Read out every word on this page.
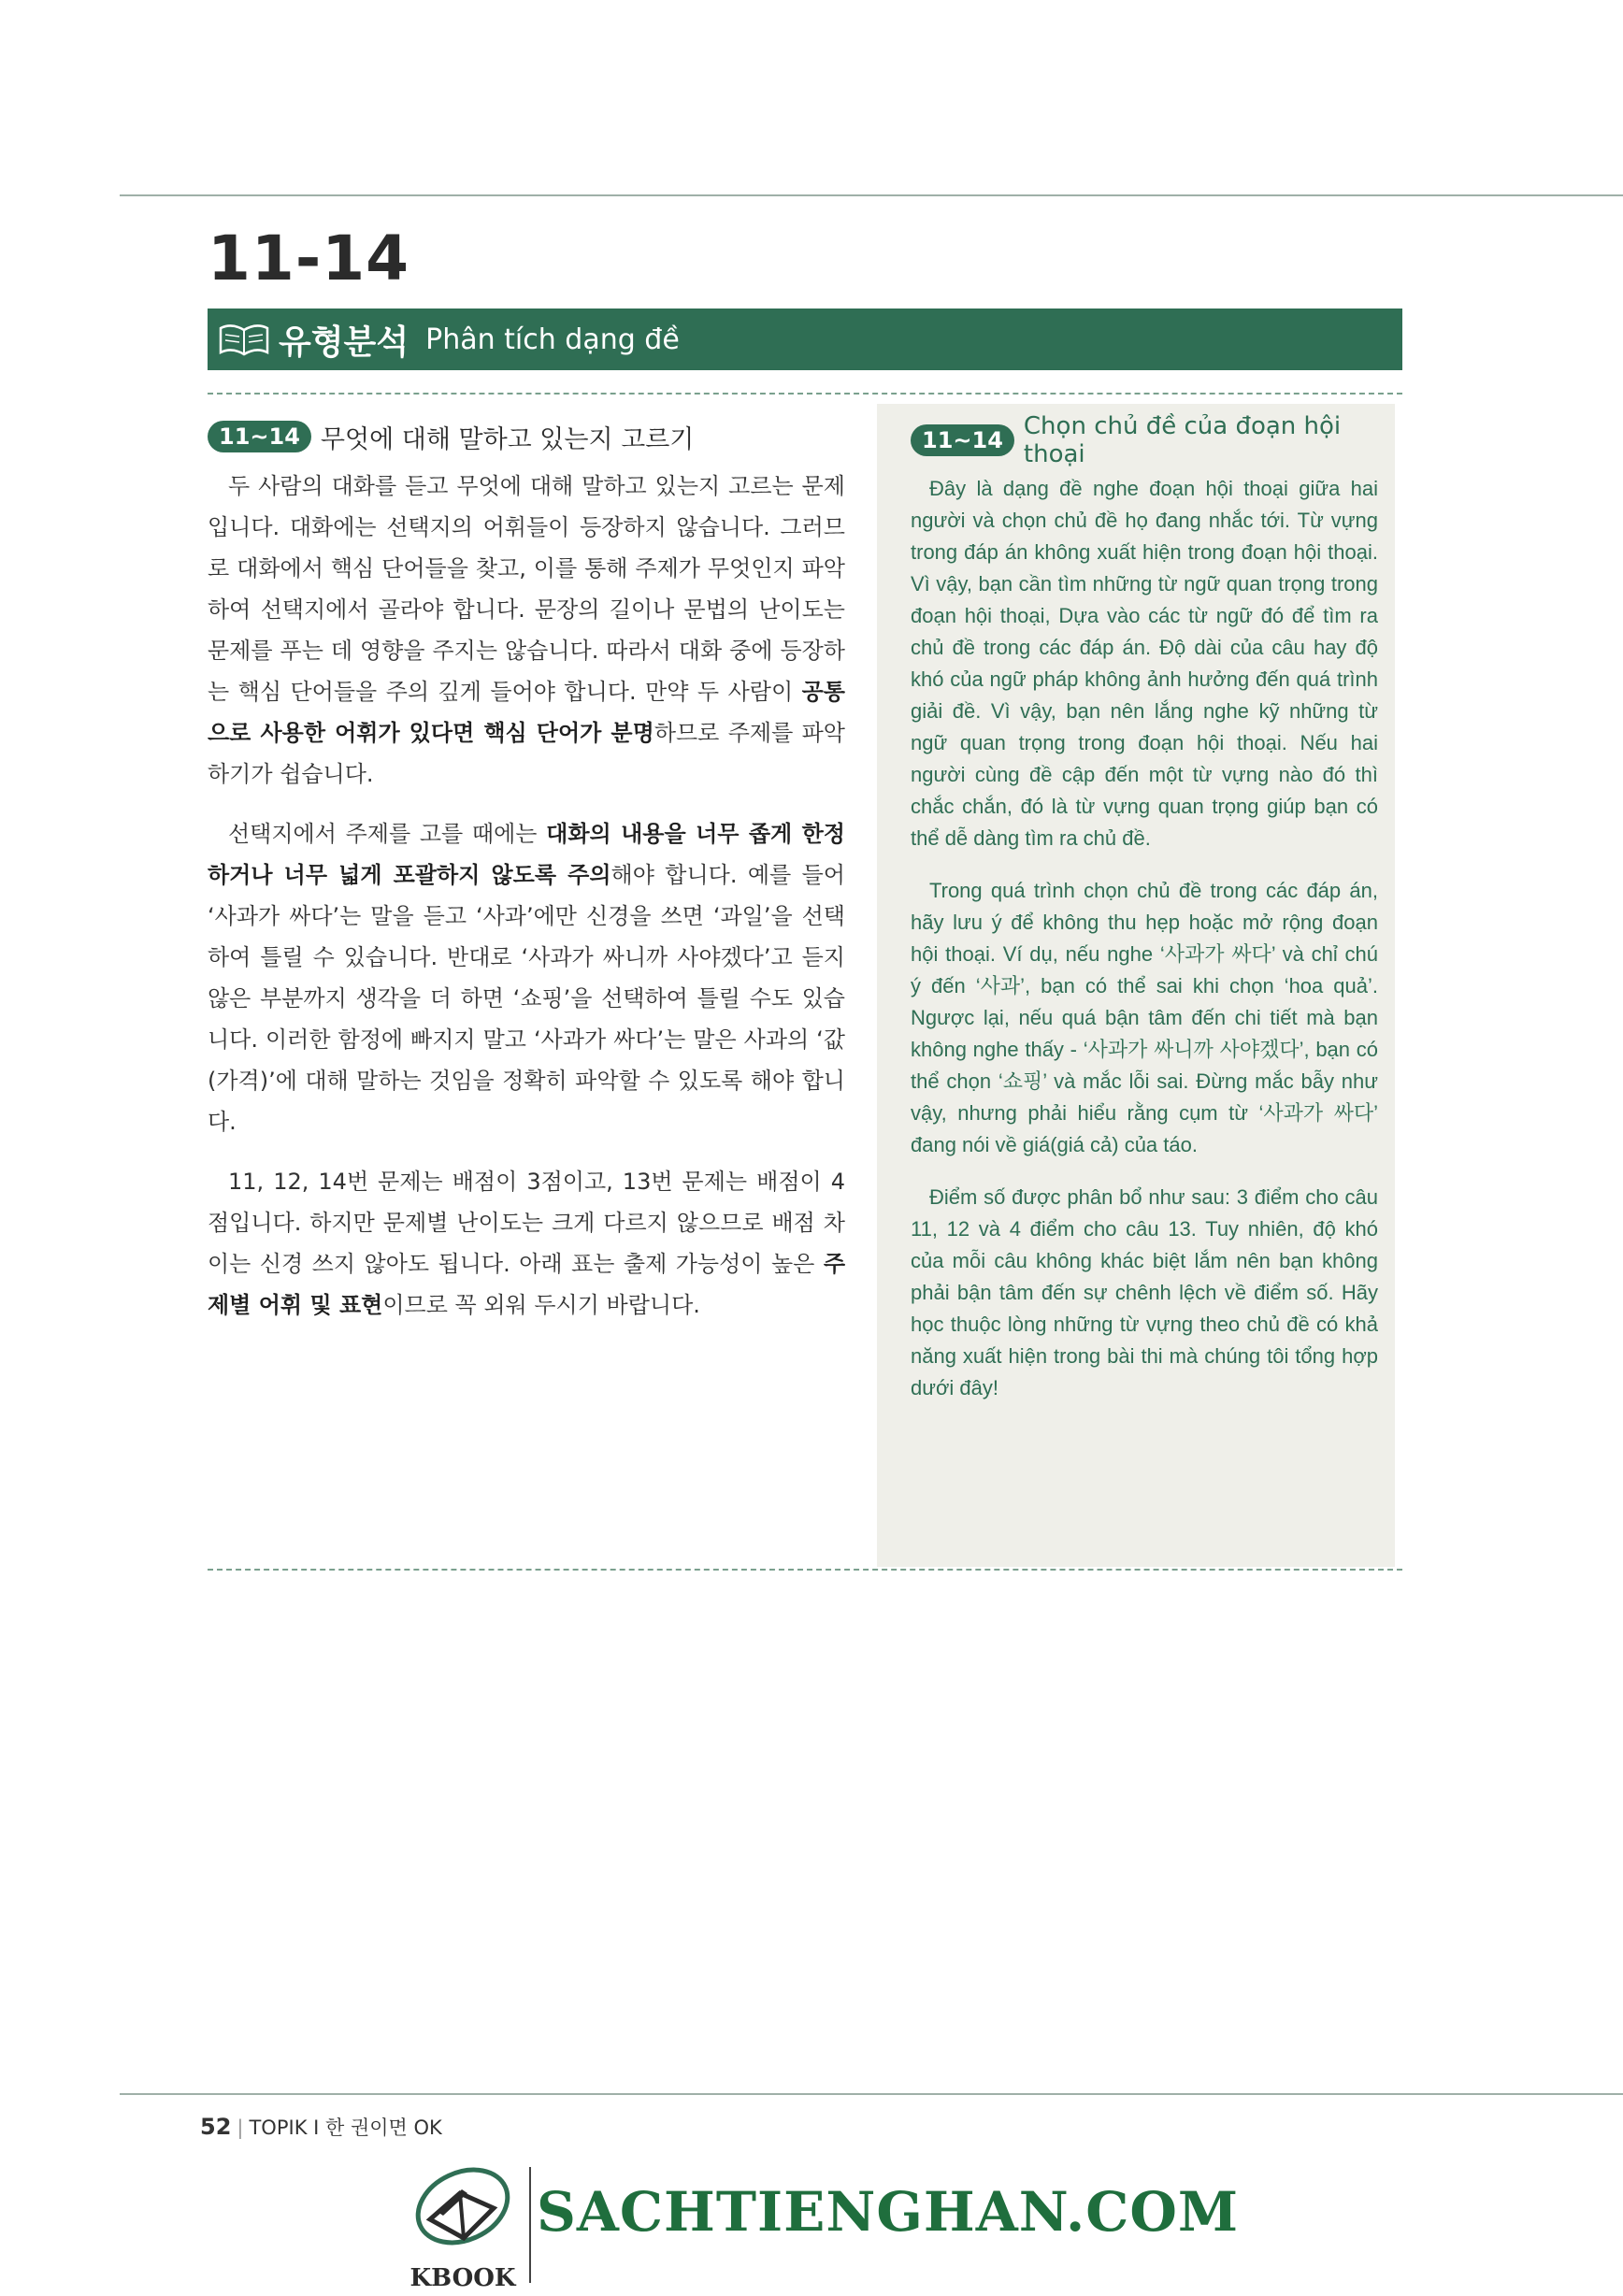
11-14
유형분석 Phân tích dạng đề
11~14 무엇에 대해 말하고 있는지 고르기

두 사람의 대화를 듣고 무엇에 대해 말하고 있는지 고르는 문제입니다. 대화에는 선택지의 어휘들이 등장하지 않습니다. 그러므로 대화에서 핵심 단어들을 찾고, 이를 통해 주제가 무엇인지 파악하여 선택지에서 골라야 합니다. 문장의 길이나 문법의 난이도는 문제를 푸는 데 영향을 주지는 않습니다. 따라서 대화 중에 등장하는 핵심 단어들을 주의 깊게 들어야 합니다. 만약 두 사람이 공통으로 사용한 어휘가 있다면 핵심 단어가 분명하므로 주제를 파악하기가 쉽습니다.

선택지에서 주제를 고를 때에는 대화의 내용을 너무 좁게 한정하거나 너무 넓게 포괄하지 않도록 주의해야 합니다. 예를 들어 ‘사과가 싸다’는 말을 듣고 ‘사과’에만 신경을 쓰면 ‘과일’을 선택하여 틀릴 수 있습니다. 반대로 ‘사과가 싸니까 사야겠다’고 듣지 않은 부분까지 생각을 더 하면 ‘쇼핑’을 선택하여 틀릴 수도 있습니다. 이러한 함정에 빠지지 말고 ‘사과가 싸다’는 말은 사과의 ‘값(가격)’에 대해 말하는 것임을 정확히 파악할 수 있도록 해야 합니다.

11, 12, 14번 문제는 배점이 3점이고, 13번 문제는 배점이 4점입니다. 하지만 문제별 난이도는 크게 다르지 않으므로 배점 차이는 신경 쓰지 않아도 됩니다. 아래 표는 출제 가능성이 높은 주제별 어휘 및 표현이므로 꼭 외워 두시기 바랍니다.

11~14 Chọn chủ đề của đoạn hội thoại

Đây là dạng đề nghe đoạn hội thoại giữa hai người và chọn chủ đề họ đang nhắc tới. Từ vựng trong đáp án không xuất hiện trong đoạn hội thoại. Vì vậy, bạn cần tìm những từ ngữ quan trọng trong đoạn hội thoại, Dựa vào các từ ngữ đó để tìm ra chủ đề trong các đáp án. Độ dài của câu hay độ khó của ngữ pháp không ảnh hưởng đến quá trình giải đề. Vì vậy, bạn nên lắng nghe kỹ những từ ngữ quan trọng trong đoạn hội thoại. Nếu hai người cùng đề cập đến một từ vựng nào đó thì chắc chắn, đó là từ vựng quan trọng giúp bạn có thể dễ dàng tìm ra chủ đề.

Trong quá trình chọn chủ đề trong các đáp án, hãy lưu ý để không thu hẹp hoặc mở rộng đoạn hội thoại. Ví dụ, nếu nghe ‘사과가 싸다’ và chỉ chú ý đến ‘사과’, bạn có thể sai khi chọn ‘hoa quả’. Ngược lại, nếu quá bận tâm đến chi tiết mà bạn không nghe thấy - ‘사과가 싸니까 사야겠다’, bạn có thể chọn ‘쇼핑’ và mắc lỗi sai. Đừng mắc bẫy như vậy, nhưng phải hiểu rằng cụm từ ‘사과가 싸다’ đang nói về giá(giá cả) của táo.

Điểm số được phân bổ như sau: 3 điểm cho câu 11, 12 và 4 điểm cho câu 13. Tuy nhiên, độ khó của mỗi câu không khác biệt lắm nên bạn không phải bận tâm đến sự chênh lệch về điểm số. Hãy học thuộc lòng những từ vựng theo chủ đề có khả năng xuất hiện trong bài thi mà chúng tôi tổng hợp dưới đây!

52 | TOPIK I 한 권이면 OK
KBOOK
SACHTIENGHAN.COM
